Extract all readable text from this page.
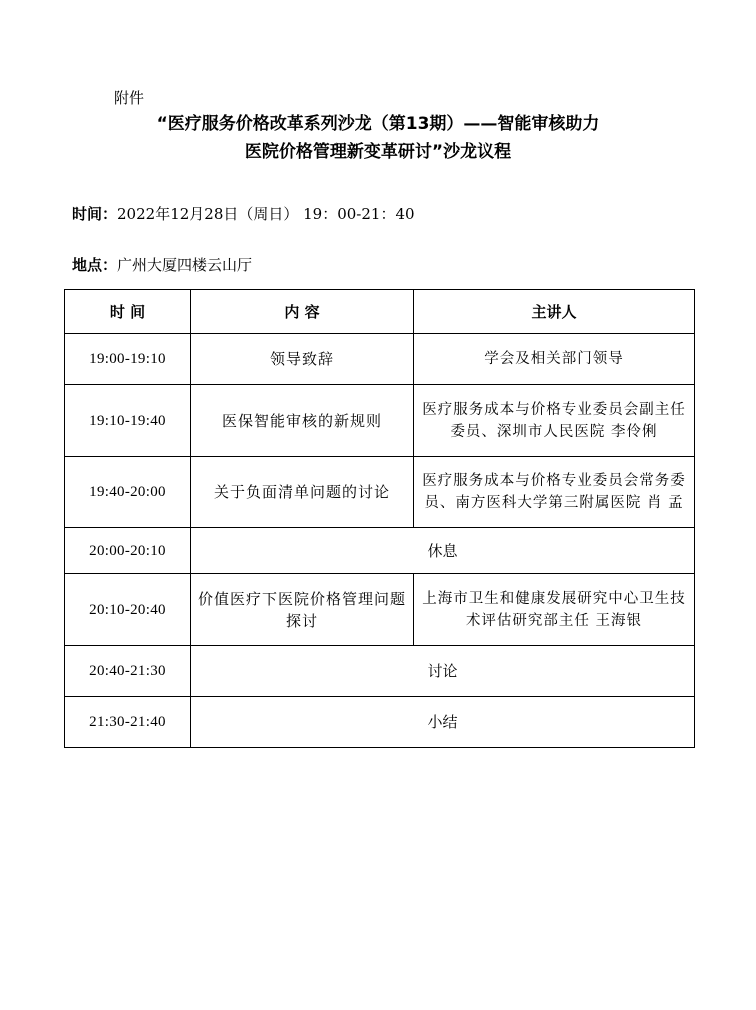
附件
“医疗服务价格改革系列沙龙（第13期）——智能审核助力
医院价格管理新变革研讨”沙龙议程
时间：2022年12月28日（周日） 19：00-21：40
地点：广州大厦四楼云山厅
时 间	内 容	主讲人
19:00-19:10	领导致辞	学会及相关部门领导
19:10-19:40	医保智能审核的新规则	医疗服务成本与价格专业委员会副主任委员、深圳市人民医院 李伶俐
19:40-20:00	关于负面清单问题的讨论	医疗服务成本与价格专业委员会常务委员、南方医科大学第三附属医院 肖 孟
20:00-20:10	休息	
20:10-20:40	价值医疗下医院价格管理问题探讨	上海市卫生和健康发展研究中心卫生技术评估研究部主任 王海银
20:40-21:30	讨论	
21:30-21:40	小结	
